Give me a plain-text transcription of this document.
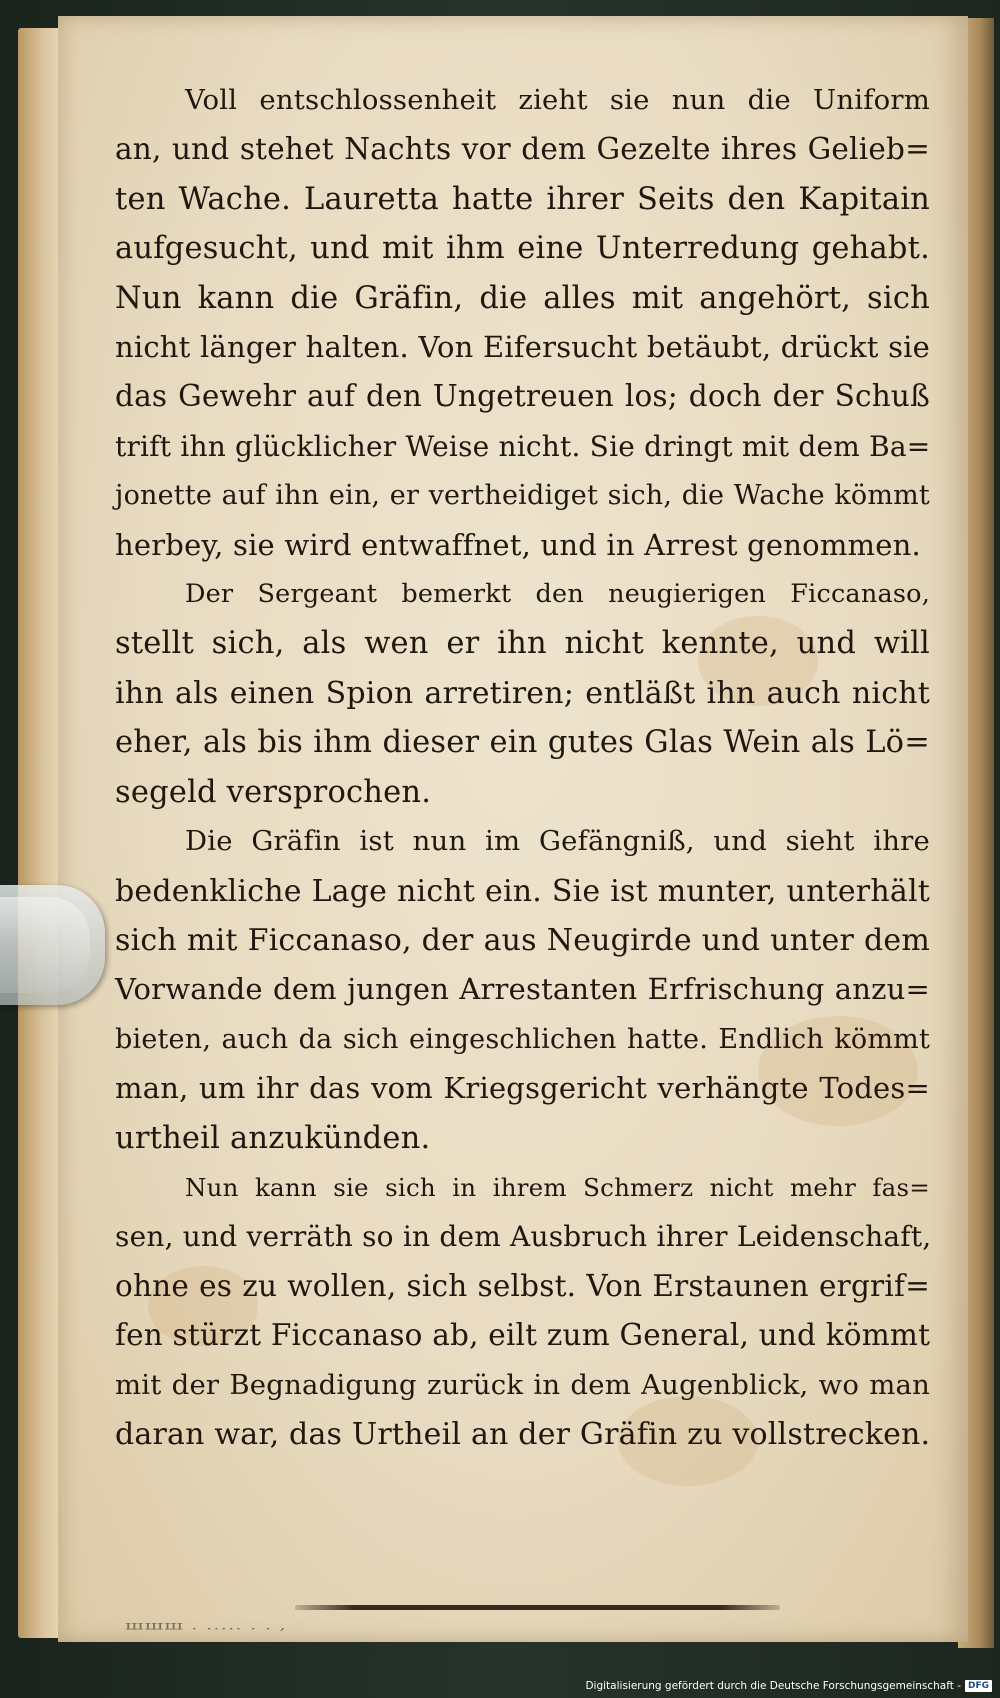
Voll entschlossenheit zieht sie nun die Uniform
an, und stehet Nachts vor dem Gezelte ihres Gelieb=
ten Wache. Lauretta hatte ihrer Seits den Kapitain
aufgesucht, und mit ihm eine Unterredung gehabt.
Nun kann die Gräfin, die alles mit angehört, sich
nicht länger halten. Von Eifersucht betäubt, drückt sie
das Gewehr auf den Ungetreuen los; doch der Schuß
trift ihn glücklicher Weise nicht. Sie dringt mit dem Ba=
jonette auf ihn ein, er vertheidiget sich, die Wache kömmt
herbey, sie wird entwaffnet, und in Arrest genommen.
Der Sergeant bemerkt den neugierigen Ficcanaso,
stellt sich, als wen er ihn nicht kennte, und will
ihn als einen Spion arretiren; entläßt ihn auch nicht
eher, als bis ihm dieser ein gutes Glas Wein als Lö=
segeld versprochen.
Die Gräfin ist nun im Gefängniß, und sieht ihre
bedenkliche Lage nicht ein. Sie ist munter, unterhält
sich mit Ficcanaso, der aus Neugirde und unter dem
Vorwande dem jungen Arrestanten Erfrischung anzu=
bieten, auch da sich eingeschlichen hatte. Endlich kömmt
man, um ihr das vom Kriegsgericht verhängte Todes=
urtheil anzukünden.
Nun kann sie sich in ihrem Schmerz nicht mehr fas=
sen, und verräth so in dem Ausbruch ihrer Leidenschaft,
ohne es zu wollen, sich selbst. Von Erstaunen ergrif=
fen stürzt Ficcanaso ab, eilt zum General, und kömmt
mit der Begnadigung zurück in dem Augenblick, wo man
daran war, das Urtheil an der Gräfin zu vollstrecken.
шшш . ..... . . ,
Digitalisierung gefördert durch die Deutsche Forschungsgemeinschaft - DFG
